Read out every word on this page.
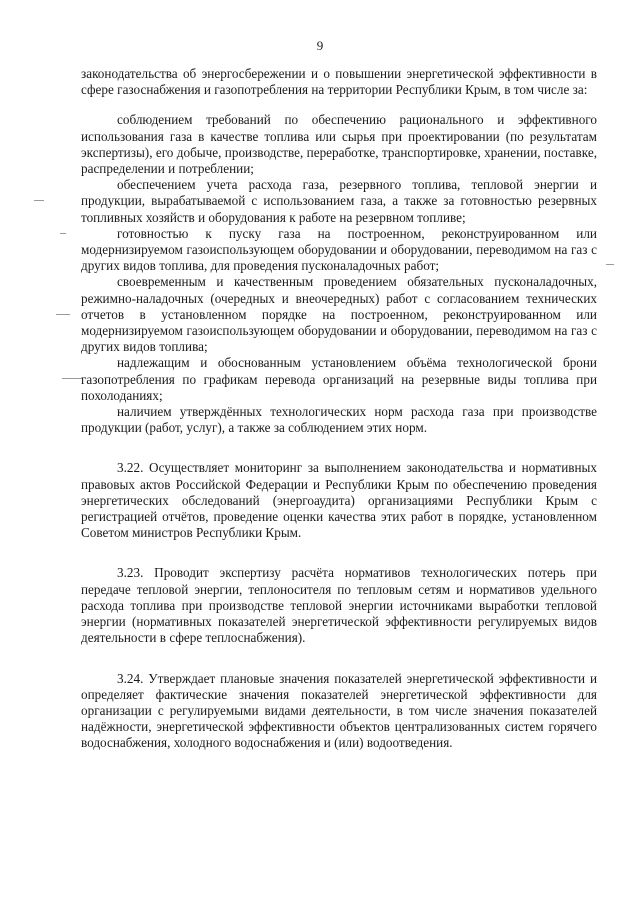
9

законодательства об энергосбережении и о повышении энергетической эффективности в сфере газоснабжения и газопотребления на территории Республики Крым, в том числе за:

соблюдением требований по обеспечению рационального и эффективного использования газа в качестве топлива или сырья при проектировании (по результатам экспертизы), его добыче, производстве, переработке, транспортировке, хранении, поставке, распределении и потреблении;

обеспечением учета расхода газа, резервного топлива, тепловой энергии и продукции, вырабатываемой с использованием газа, а также за готовностью резервных топливных хозяйств и оборудования к работе на резервном топливе;

готовностью к пуску газа на построенном, реконструированном или модернизируемом газоиспользующем оборудовании и оборудовании, переводимом на газ с других видов топлива, для проведения пусконаладочных работ;

своевременным и качественным проведением обязательных пусконаладочных, режимно-наладочных (очередных и внеочередных) работ с согласованием технических отчетов в установленном порядке на построенном, реконструированном или модернизируемом газоиспользующем оборудовании и оборудовании, переводимом на газ с других видов топлива;

надлежащим и обоснованным установлением объёма технологической брони газопотребления по графикам перевода организаций на резервные виды топлива при похолоданиях;

наличием утверждённых технологических норм расхода газа при производстве продукции (работ, услуг), а также за соблюдением этих норм.

3.22. Осуществляет мониторинг за выполнением законодательства и нормативных правовых актов Российской Федерации и Республики Крым по обеспечению проведения энергетических обследований (энергоаудита) организациями Республики Крым с регистрацией отчётов, проведение оценки качества этих работ в порядке, установленном Советом министров Республики Крым.

3.23. Проводит экспертизу расчёта нормативов технологических потерь при передаче тепловой энергии, теплоносителя по тепловым сетям и нормативов удельного расхода топлива при производстве тепловой энергии источниками выработки тепловой энергии (нормативных показателей энергетической эффективности регулируемых видов деятельности в сфере теплоснабжения).

3.24. Утверждает плановые значения показателей энергетической эффективности и определяет фактические значения показателей энергетической эффективности для организации с регулируемыми видами деятельности, в том числе значения показателей надёжности, энергетической эффективности объектов централизованных систем горячего водоснабжения, холодного водоснабжения и (или) водоотведения.
